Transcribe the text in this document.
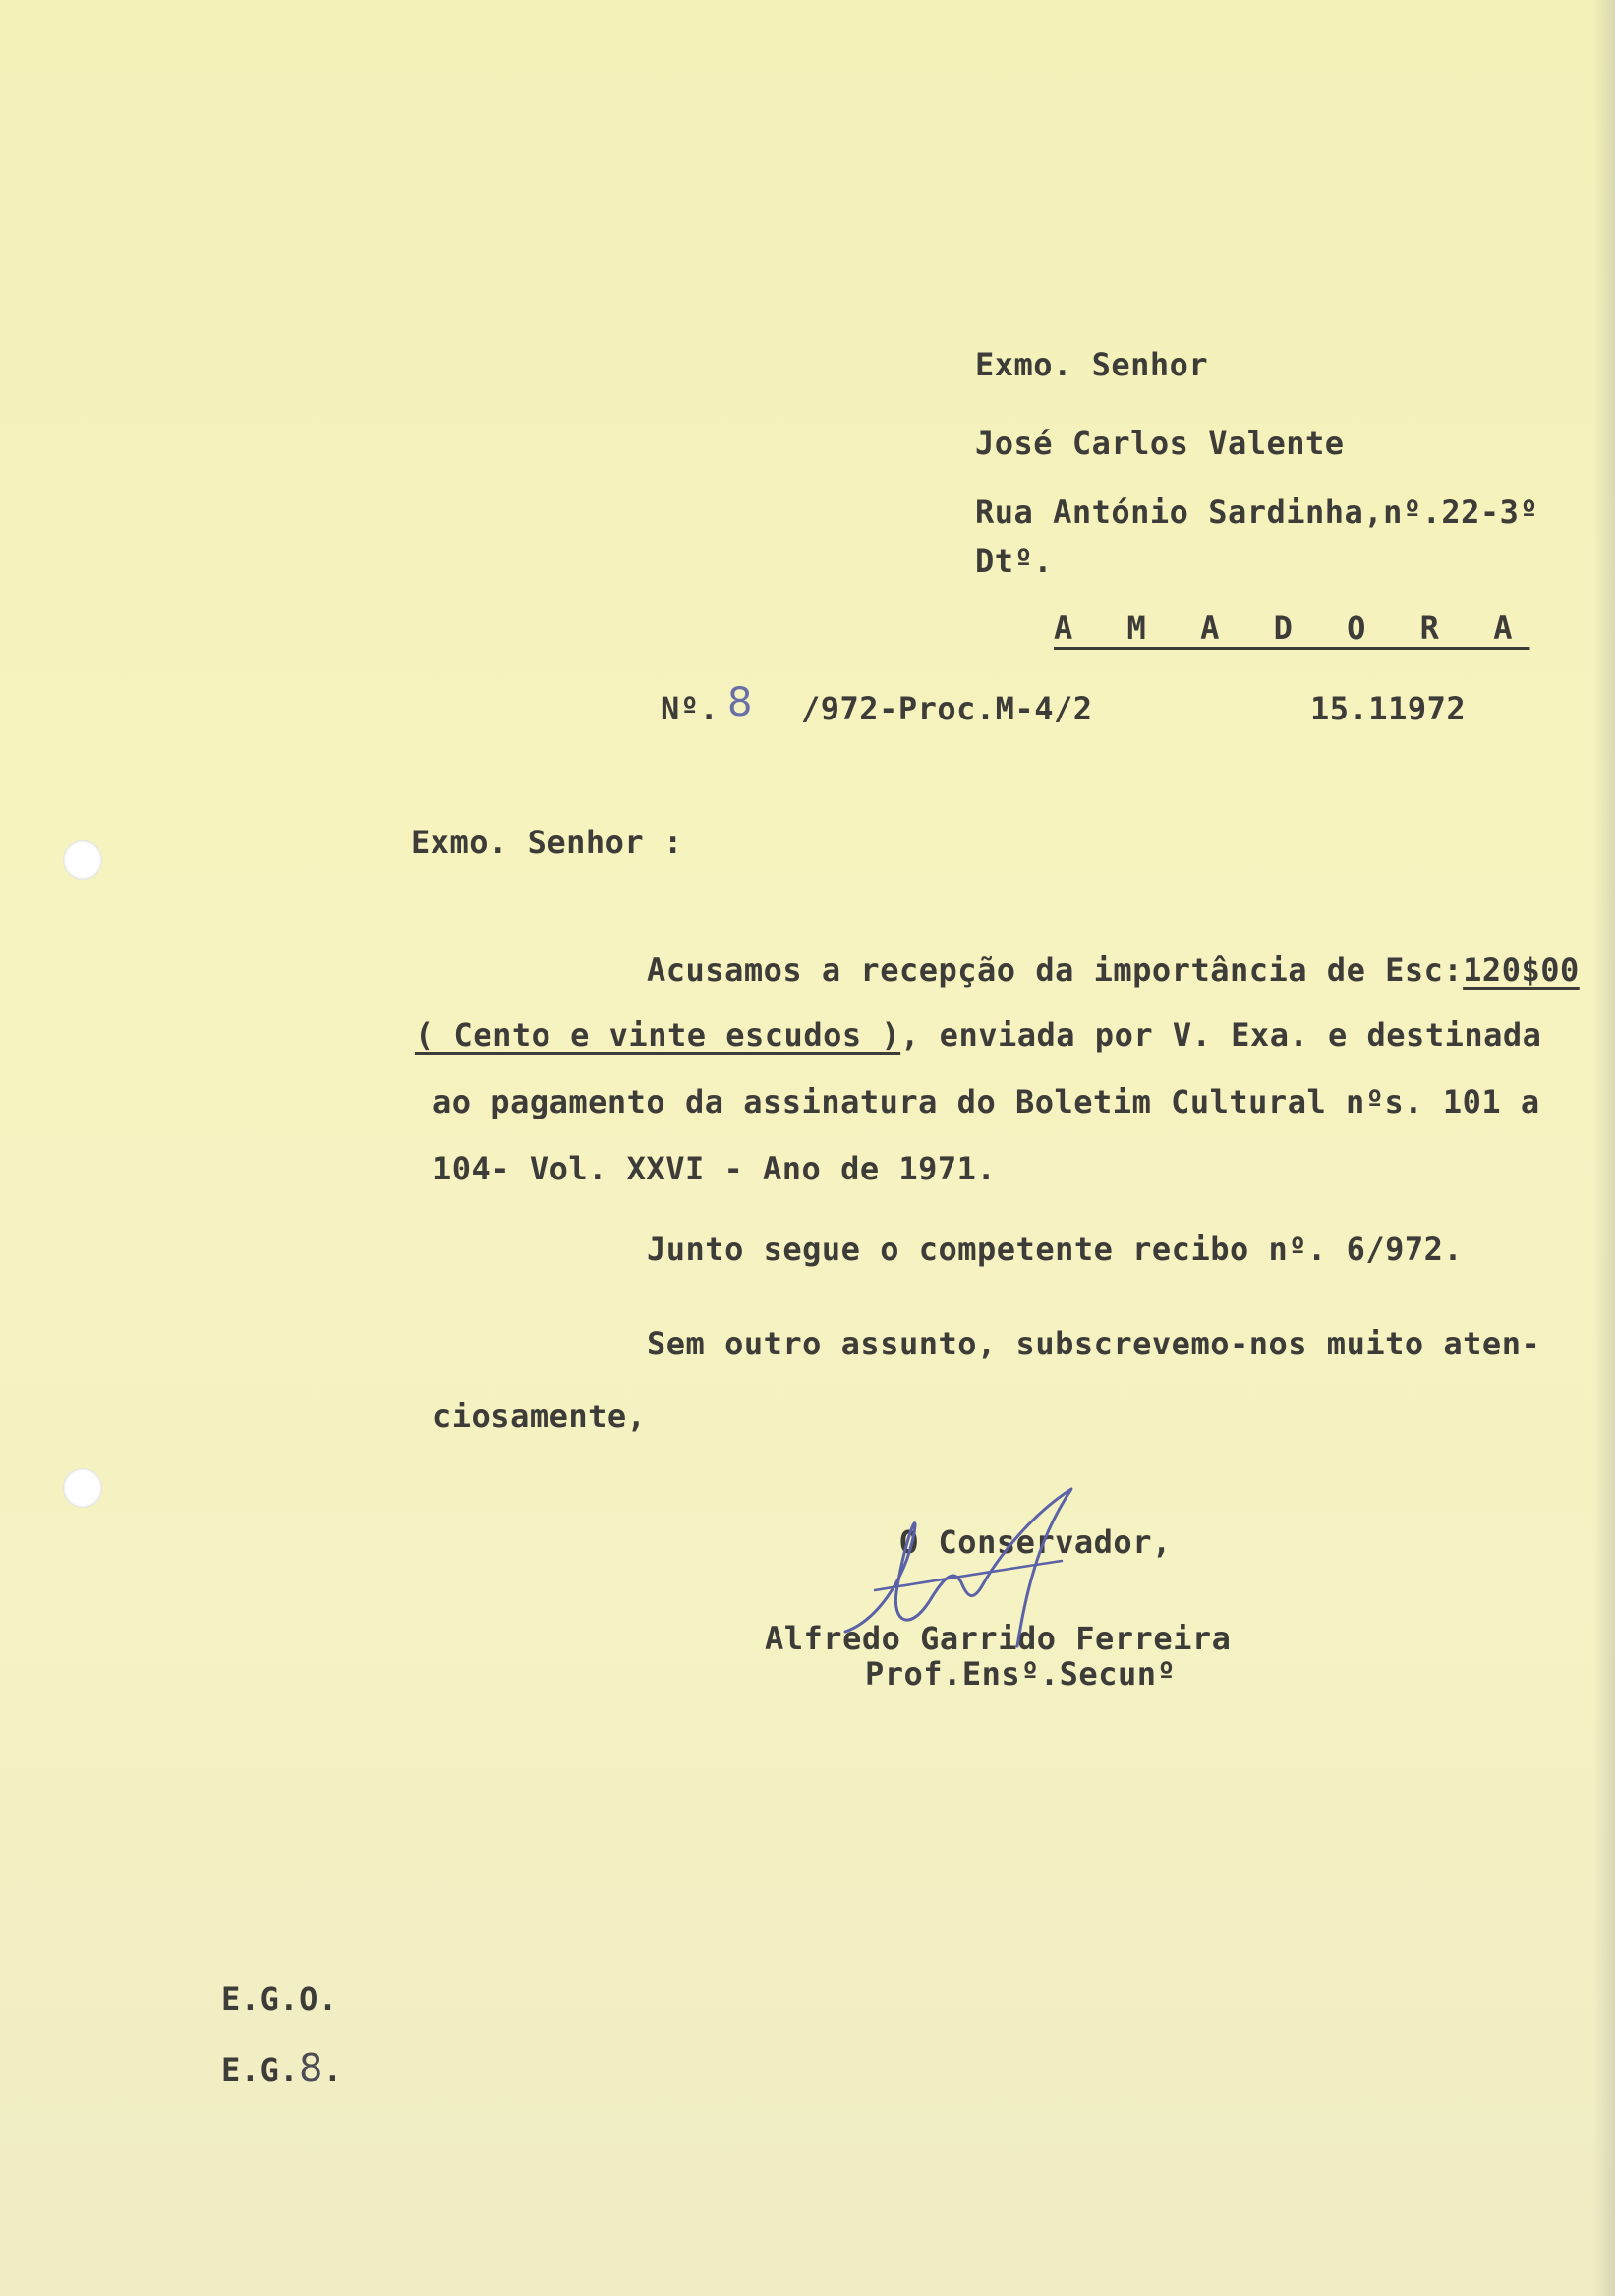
Exmo. Senhor
José Carlos Valente
Rua António Sardinha,nº.22-3º
Dtº.
A M A D O R A
Nº. 8 /972-Proc.M-4/2	15.11972
Exmo. Senhor :
Acusamos a recepção da importância de Esc:120$00
( Cento e vinte escudos ), enviada por V. Exa. e destinada
ao pagamento da assinatura do Boletim Cultural nºs. 101 a
104- Vol. XXVI - Ano de 1971.
Junto segue o competente recibo nº. 6/972.
Sem outro assunto, subscrevemo-nos muito aten-
ciosamente,
O Conservador,
Alfredo Garrido Ferreira
Prof.Ensº.Secunº
E.G.O.
E.G.8.
